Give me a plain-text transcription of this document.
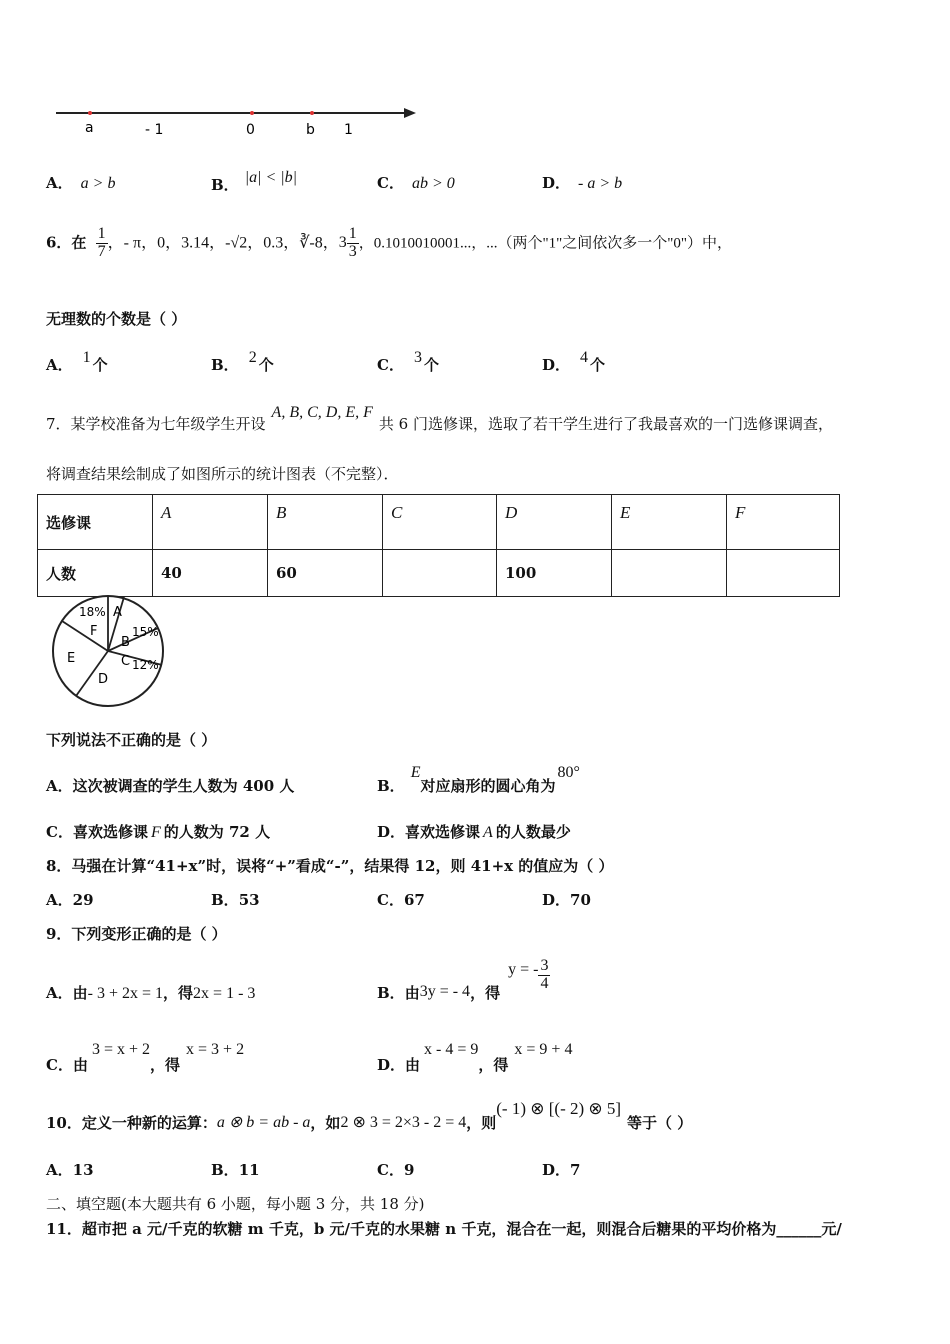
a	- 1	0	b 1
A． a > b	B． |a| < |b|	C． ab > 0	D． - a > b
6．在 $\frac{1}{7}$ ，- π，0，3.14，-√2，0.3，∛-8，$3 \frac{1}{3}$ ，0.1010010001...，...（两个"1"之间依次多一个"0"）中，
无理数的个数是（ ）
A． 1 个	B． 2 个	C． 3 个	D． 4 个
7．某学校准备为七年级学生开设A, B, C, D, E, F共 6 门选修课，选取了若干学生进行了我最喜欢的一门选修课调查，
将调查结果绘制成了如图所示的统计图表（不完整）．
选修课	A	B	C	D	E	F
人数	40	60		100		
A
B
C
D
E
F
18%
15%
12%
下列说法不正确的是（ ）
A．这次被调查的学生人数为 400 人	B．E对应扇形的圆心角为80°
C．喜欢选修课 F 的人数为 72 人	D．喜欢选修课 A 的人数最少
8．马强在计算“41+x”时，误将“+”看成“-”，结果得 12，则 41+x 的值应为（ ）
A．29	B．53	C．67	D．70
9．下列变形正确的是（ ）
A．由- 3 + 2x = 1，得2x = 1 - 3	B．由3y = - 4，得y = - $\frac{3}{4}$
C．由3 = x + 2，得x = 3 + 2
D．由x - 4 = 9，得x = 9 + 4
10．定义一种新的运算：a ⊗ b = ab - a，如2 ⊗ 3 = 2×3 - 2 = 4，则(- 1) ⊗ [(- 2) ⊗ 5]等于（ ）
A．13	B．11	C．9	D．7
二、填空题(本大题共有 6 小题，每小题 3 分，共 18 分)
11．超市把 a 元/千克的软糖 m 千克，b 元/千克的水果糖 n 千克，混合在一起，则混合后糖果的平均价格为______元/
